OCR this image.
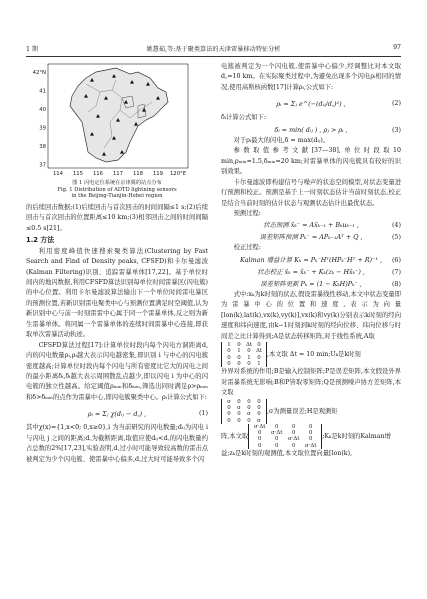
1 期	姚慧茹,等:基于聚类算法的天津雷暴移动特征分析	97
42°N
41
40
39
38
37
114 115 116 117 118 119 120°E
图 1 闪电定位系统在京津冀的站点分布
Fig. 1 Distribution of ADTD lightning sensors
in the Beijing-Tianjin-Hebei region

的后续回击数据;(1)后续回击与首次回击的时间间隔≤1 s;(2)后续回击与首次回击的位置距离≤10 km;(3)相邻回击之间的时间间隔≤0.5 s[21]。

1.2 方法

利用密度峰值快速搜索聚类算法(Clustering by Fast Search and Find of Density peaks, CFSFD)和卡尔曼滤波(Kalman Filtering)识别、追踪雷暴单体[17,22]。基于单位时间内的地闪数据,利用CFSFD算法识别每单位时间雷暴区(闪电簇)的中心位置。利用卡尔曼滤波算法输出下一个单位时间雷电暴区的预测位置,若新识别雷电聚类中心与预测位置满足时空阈值,认为新识别中心与前一时刻雷雷中心属于同一个雷暴单体,反之则为新生雷暴单体。将同属一个雷暴单体的连续时间雷暴中心连接,即获取单次雷暴活动轨迹。

CFSFD算法过程[17]:计算单位时段内每个闪电方洞距离d,内的闪电数量ρᵢ,ρᵢ越大表示闪电越密集,即识别 i 与中心的闪电簇密度越高;计算单位时段内每个闪电与所有密度比它大的闪电之间的最小距离δᵢ,δᵢ越大表示周围散乱点越少,即以闪电 i 为中心的闪电簇的独立性越高。给定阈值ρₘᵢₙ和δₘᵢₙ,筛选出同时满足ρ>ρₘᵢₙ和δ>δₘᵢₙ的点作为雷暴中心,即闪电簇聚类中心。ρᵢ计算公式如下:

ρᵢ = Σⱼ χ(dᵢⱼ − d꜀) ,	(1)

其中χ(x)={1,x<0; 0,x≥0},i 为当前研究的闪电数量;dᵢⱼ为闪电 i 与闪电 j 之间的距离;d꜀为截断距离,取值应使dᵢⱼ<d꜀的闪电数量约占总数的2%[17,23],实验表明,d꜀过小时可能导致较高数的雷击点被判定为少个闪电簇、使雷暴中心偏多,d꜀过大时可能导致多个闪

电簇被判定为一个闪电簇,使雷暴中心偏少,经调整比对本文取d꜀=10 km。在实际聚类过程中,为避免出现多个闪电ρᵢ相同的情况,使用高斯核函数[17]计算ρᵢ,公式如下:

ρᵢ = Σⱼ e^(−(dᵢⱼ/d꜀)²) ,	(2)

δᵢ计算公式如下:

δᵢ = min( dᵢⱼ ) , ρⱼ > ρᵢ ,	(3)

对于ρᵢ最大的闪电,δ = max(dᵢⱼ)。

参数取值参考文献[37—38],单位时段取10 min,ρₘᵢₙ=1.5,δₘᵢₙ=20 km;对雷暴单体的闪电簇具有较好的识别效果。

卡尔曼滤波即构建信号与噪声的状态空间模型,对状态变量进行预测和校正。预测是基于上一时刻状态估计当前时刻状态,校正是结合当前时刻的估计状态与观测状态估计出最优状态。

预测过程:

状态预测 x̂ₖ⁻ = Ax̂ₖ₋₁ + Bₖuₖ₋₁ ,	(4)
误差矩阵预测 Pₖ⁻ = APₖ₋₁Aᵀ + Q ,	(5)

校正过程:

Kalman 增益计算 Kₖ = Pₖ⁻Hᵀ(HPₖ⁻Hᵀ + R)⁻¹ ,	(6)
状态校正 x̂ₖ = x̂ₖ⁻ + Kₖ(zₖ − Hx̂ₖ⁻) ,	(7)
误差矩阵更新 Pₖ = (1 − KₖH)Pₖ⁻ ,	(8)

式中:xₖ为k时刻的状态,假设雷暴线性移动,本文中状态变量即为雷暴中心的位置和速度,表示为向量[lon(k),lat(k),vx(k),vy(k)],vx(k)和vy(k)分别表示k时刻的经向速度和纬向速度,由k−1时刻到k时刻的经向位移、纬向位移与时间差之比计算得到;A是状态转移矩阵,对于线性系统,A取

1 0 Δt 0
0 1 0 Δt
0 0 1 0
0 0 0 1
,本文取 Δt = 10 min;Uₖ是k时刻

外界对系统的作用;B是输入控制矩阵;P是误差矩阵,本文假设外界对雷暴系统无影响;B和P皆取零矩阵;Q是预测噪声协方差矩阵,本文取

σ 0 0 0
0 σ 0 0
0 0 σ 0
0 0 0 σ
,σ为测量误差;H是观测矩
阵,本文取
σ·Δt 0	0	0
0 σ·Δt 0	0
0	0 σ·Δt 0
0	0	0 σ·Δt
;Kₖ是k时刻的Kalman增

益;zₖ是k时刻的观测值,本文取位置向量[lon(k),
